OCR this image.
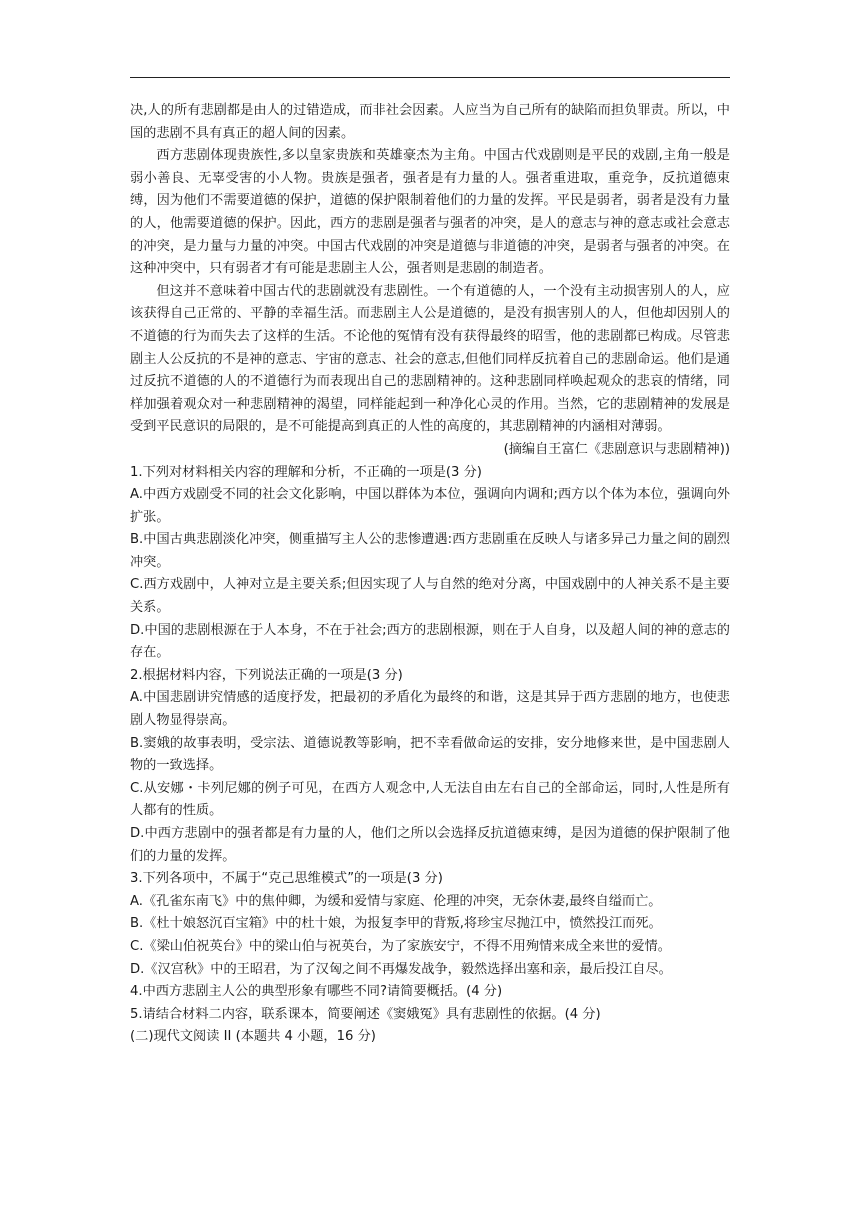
决,人的所有悲剧都是由人的过错造成，而非社会因素。人应当为自己所有的缺陷而担负罪责。所以，中国的悲剧不具有真正的超人间的因素。

西方悲剧体现贵族性,多以皇家贵族和英雄豪杰为主角。中国古代戏剧则是平民的戏剧,主角一般是弱小善良、无辜受害的小人物。贵族是强者，强者是有力量的人。强者重进取，重竞争，反抗道德束缚，因为他们不需要道德的保护，道德的保护限制着他们的力量的发挥。平民是弱者，弱者是没有力量的人，他需要道德的保护。因此，西方的悲剧是强者与强者的冲突，是人的意志与神的意志或社会意志的冲突，是力量与力量的冲突。中国古代戏剧的冲突是道德与非道德的冲突，是弱者与强者的冲突。在这种冲突中，只有弱者才有可能是悲剧主人公，强者则是悲剧的制造者。

但这并不意味着中国古代的悲剧就没有悲剧性。一个有道德的人，一个没有主动损害别人的人，应该获得自己正常的、平静的幸福生活。而悲剧主人公是道德的，是没有损害别人的人，但他却因别人的不道德的行为而失去了这样的生活。不论他的冤情有没有获得最终的昭雪，他的悲剧都已构成。尽管悲剧主人公反抗的不是神的意志、宇宙的意志、社会的意志,但他们同样反抗着自己的悲剧命运。他们是通过反抗不道德的人的不道德行为而表现出自己的悲剧精神的。这种悲剧同样唤起观众的悲哀的情绪，同样加强着观众对一种悲剧精神的渴望，同样能起到一种净化心灵的作用。当然，它的悲剧精神的发展是受到平民意识的局限的，是不可能提高到真正的人性的高度的，其悲剧精神的内涵相对薄弱。

(摘编自王富仁《悲剧意识与悲剧精神))

1.下列对材料相关内容的理解和分析，不正确的一项是(3 分)

A.中西方戏剧受不同的社会文化影响，中国以群体为本位，强调向内调和;西方以个体为本位，强调向外扩张。

B.中国古典悲剧淡化冲突，侧重描写主人公的悲惨遭遇:西方悲剧重在反映人与诸多异己力量之间的剧烈冲突。

C.西方戏剧中，人神对立是主要关系;但因实现了人与自然的绝对分离，中国戏剧中的人神关系不是主要关系。

D.中国的悲剧根源在于人本身，不在于社会;西方的悲剧根源，则在于人自身，以及超人间的神的意志的存在。

2.根据材料内容，下列说法正确的一项是(3 分)

A.中国悲剧讲究情感的适度抒发，把最初的矛盾化为最终的和谐，这是其异于西方悲剧的地方，也使悲剧人物显得崇高。

B.窦娥的故事表明，受宗法、道德说教等影响，把不幸看做命运的安排，安分地修来世，是中国悲剧人物的一致选择。

C.从安娜・卡列尼娜的例子可见，在西方人观念中,人无法自由左右自己的全部命运，同时,人性是所有人都有的性质。

D.中西方悲剧中的强者都是有力量的人，他们之所以会选择反抗道德束缚，是因为道德的保护限制了他们的力量的发挥。

3.下列各项中，不属于“克己思维模式”的一项是(3 分)

A.《孔雀东南飞》中的焦仲卿，为缓和爱情与家庭、伦理的冲突，无奈休妻,最终自缢而亡。

B.《杜十娘怒沉百宝箱》中的杜十娘，为报复李甲的背叛,将珍宝尽抛江中，愤然投江而死。

C.《梁山伯祝英台》中的梁山伯与祝英台，为了家族安宁，不得不用殉情来成全来世的爱情。

D.《汉宫秋》中的王昭君，为了汉匈之间不再爆发战争，毅然选择出塞和亲，最后投江自尽。

4.中西方悲剧主人公的典型形象有哪些不同?请简要概括。(4 分)

5.请结合材料二内容，联系课本，简要阐述《窦娥冤》具有悲剧性的依据。(4 分)

(二)现代文阅读 II (本题共 4 小题，16 分)
